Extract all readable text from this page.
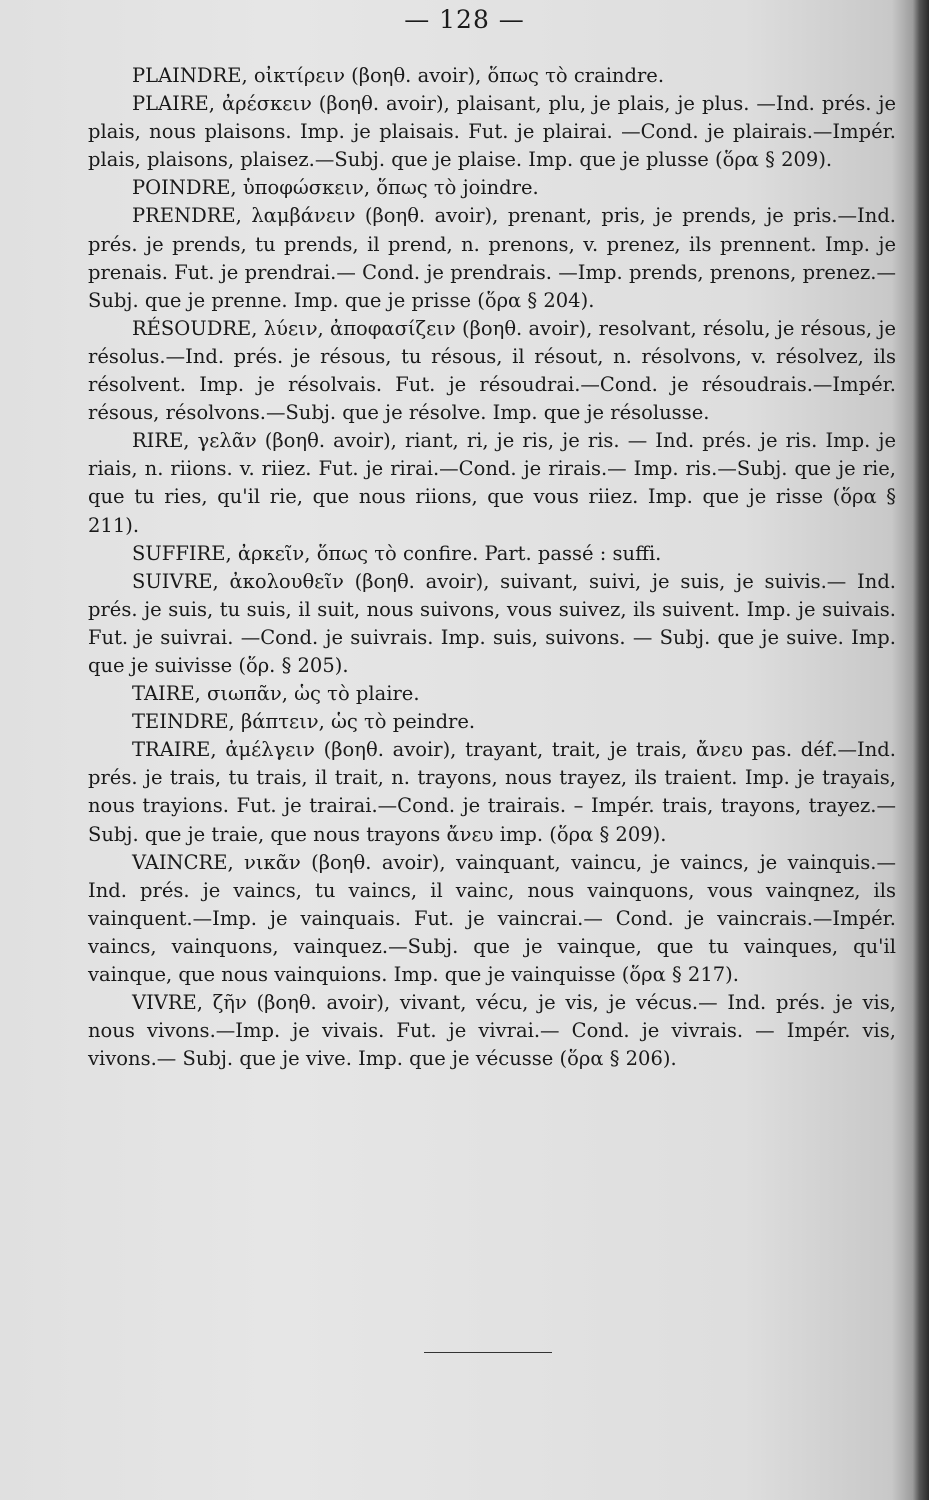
— 128 —

PLAINDRE, οἰκτίρειν (βοηθ. avoir), ὅπως τὸ craindre.

PLAIRE, ἀρέσκειν (βοηθ. avoir), plaisant, plu, je plais, je plus. —Ind. prés. je plais, nous plaisons. Imp. je plaisais. Fut. je plairai. —Cond. je plairais.—Impér. plais, plaisons, plaisez.—Subj. que je plaise. Imp. que je plusse (ὅρα § 209).

POINDRE, ὑποφώσκειν, ὅπως τὸ joindre.

PRENDRE, λαμβάνειν (βοηθ. avoir), prenant, pris, je prends, je pris.—Ind. prés. je prends, tu prends, il prend, n. prenons, v. prenez, ils prennent. Imp. je prenais. Fut. je prendrai.— Cond. je prendrais. —Imp. prends, prenons, prenez.— Subj. que je prenne. Imp. que je prisse (ὅρα § 204).

RÉSOUDRE, λύειν, ἀποφασίζειν (βοηθ. avoir), resolvant, résolu, je résous, je résolus.—Ind. prés. je résous, tu résous, il résout, n. résolvons, v. résolvez, ils résolvent. Imp. je résolvais. Fut. je résoudrai.—Cond. je résoudrais.—Impér. résous, résolvons.—Subj. que je résolve. Imp. que je résolusse.

RIRE, γελᾶν (βοηθ. avoir), riant, ri, je ris, je ris. — Ind. prés. je ris. Imp. je riais, n. riions. v. riiez. Fut. je rirai.—Cond. je rirais.— Imp. ris.—Subj. que je rie, que tu ries, qu'il rie, que nous riions, que vous riiez. Imp. que je risse (ὅρα § 211).

SUFFIRE, ἀρκεῖν, ὅπως τὸ confire. Part. passé : suffi.

SUIVRE, ἀκολουθεῖν (βοηθ. avoir), suivant, suivi, je suis, je suivis.— Ind. prés. je suis, tu suis, il suit, nous suivons, vous suivez, ils suivent. Imp. je suivais. Fut. je suivrai. —Cond. je suivrais. Imp. suis, suivons. — Subj. que je suive. Imp. que je suivisse (ὅρ. § 205).

TAIRE, σιωπᾶν, ὡς τὸ plaire.

TEINDRE, βάπτειν, ὡς τὸ peindre.

TRAIRE, ἀμέλγειν (βοηθ. avoir), trayant, trait, je trais, ἄνευ pas. déf.—Ind. prés. je trais, tu trais, il trait, n. trayons, nous trayez, ils traient. Imp. je trayais, nous trayions. Fut. je trairai.—Cond. je trairais. – Impér. trais, trayons, trayez.—Subj. que je traie, que nous trayons ἄνευ imp. (ὅρα § 209).

VAINCRE, νικᾶν (βοηθ. avoir), vainquant, vaincu, je vaincs, je vainquis.—Ind. prés. je vaincs, tu vaincs, il vainc, nous vainquons, vous vainqnez, ils vainquent.—Imp. je vainquais. Fut. je vaincrai.— Cond. je vaincrais.—Impér. vaincs, vainquons, vainquez.—Subj. que je vainque, que tu vainques, qu'il vainque, que nous vainquions. Imp. que je vainquisse (ὅρα § 217).

VIVRE, ζῆν (βοηθ. avoir), vivant, vécu, je vis, je vécus.— Ind. prés. je vis, nous vivons.—Imp. je vivais. Fut. je vivrai.— Cond. je vivrais. — Impér. vis, vivons.— Subj. que je vive. Imp. que je vécusse (ὅρα § 206).
